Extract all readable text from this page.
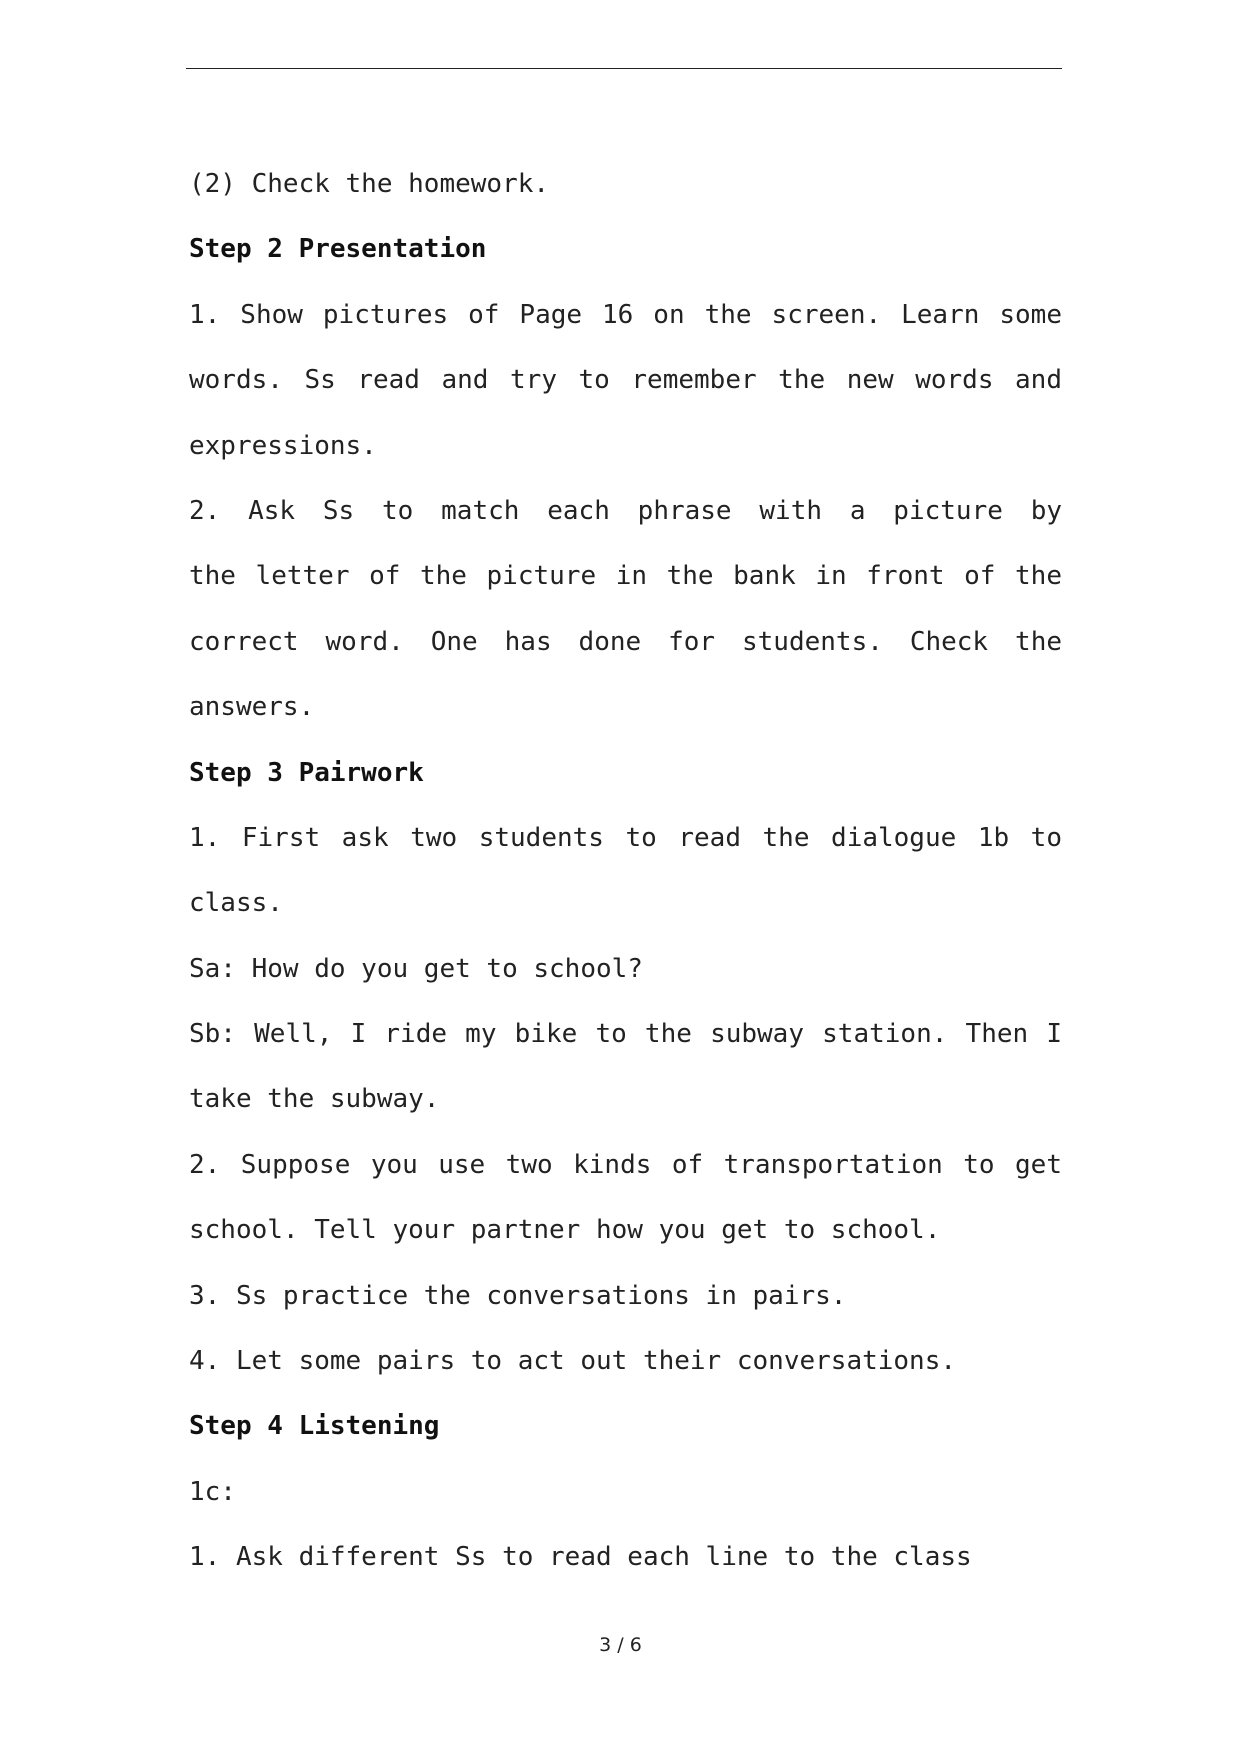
(2) Check the homework.
Step 2 Presentation
1. Show pictures of Page 16 on the screen. Learn some
words. Ss read and try to remember the new words and
expressions.
2. Ask Ss to match each phrase with a picture by
the letter of the picture in the bank in front of the
correct word. One has done for students. Check the
answers.
Step 3 Pairwork
1. First ask two students to read the dialogue 1b to
class.
Sa: How do you get to school?
Sb: Well, I ride my bike to the subway station. Then I
take the subway.
2. Suppose you use two kinds of transportation to get
school. Tell your partner how you get to school.
3. Ss practice the conversations in pairs.
4. Let some pairs to act out their conversations.
Step 4 Listening
1c:
1. Ask different Ss to read each line to the class
3 / 6
